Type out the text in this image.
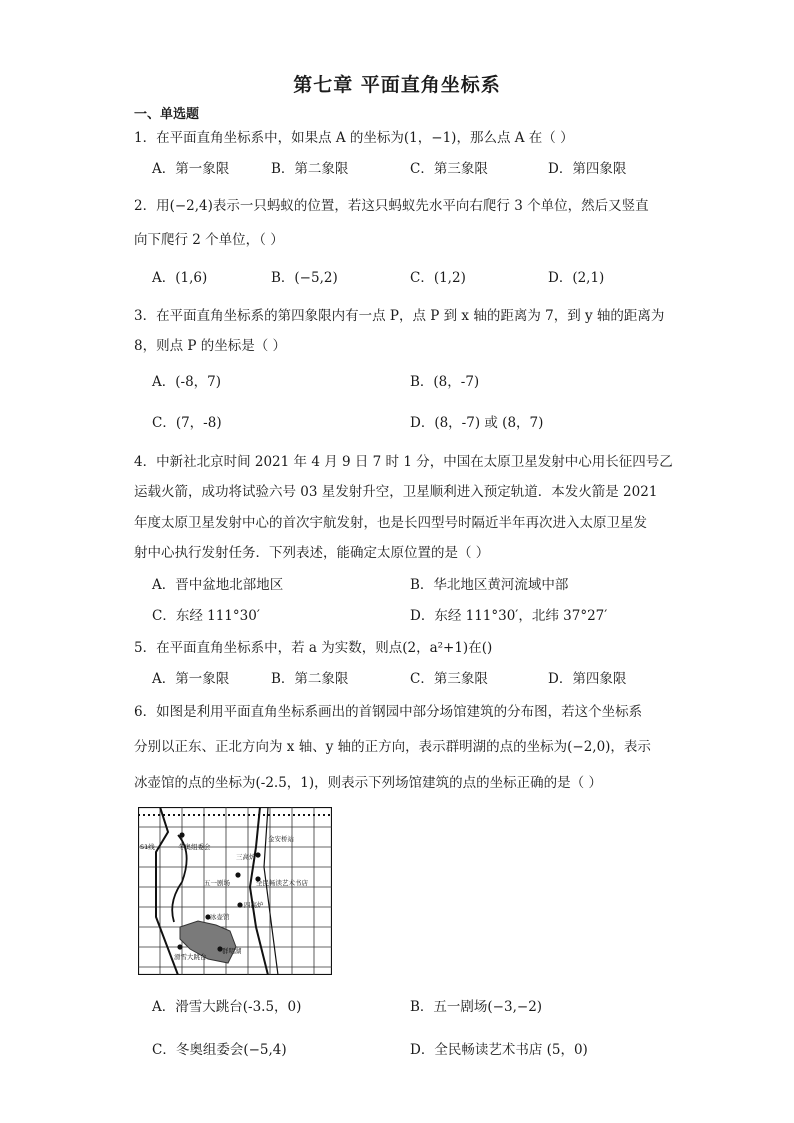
第七章 平面直角坐标系
一、单选题
1．在平面直角坐标系中，如果点 A 的坐标为(1，−1)，那么点 A 在（ ）
A．第一象限	B．第二象限	C．第三象限	D．第四象限
2．用(−2,4)表示一只蚂蚁的位置，若这只蚂蚁先水平向右爬行 3 个单位，然后又竖直
向下爬行 2 个单位，（ ）
A．(1,6)	B．(−5,2)	C．(1,2)	D．(2,1)
3．在平面直角坐标系的第四象限内有一点 P，点 P 到 x 轴的距离为 7，到 y 轴的距离为
8，则点 P 的坐标是（ ）
A．(-8，7)	B．(8，-7)
C．(7，-8)	D．(8，-7) 或 (8，7)
4．中新社北京时间 2021 年 4 月 9 日 7 时 1 分，中国在太原卫星发射中心用长征四号乙
运载火箭，成功将试验六号 03 星发射升空，卫星顺利进入预定轨道．本发火箭是 2021
年度太原卫星发射中心的首次宇航发射，也是长四型号时隔近半年再次进入太原卫星发
射中心执行发射任务．下列表述，能确定太原位置的是（ ）
A．晋中盆地北部地区	B．华北地区黄河流域中部
C．东经 111°30′	D．东经 111°30′，北纬 37°27′
5．在平面直角坐标系中，若 a 为实数，则点(2，a²+1)在()
A．第一象限	B．第二象限	C．第三象限	D．第四象限
6．如图是利用平面直角坐标系画出的首钢园中部分场馆建筑的分布图，若这个坐标系
分别以正东、正北方向为 x 轴、y 轴的正方向，表示群明湖的点的坐标为(−2,0)，表示
冰壶馆的点的坐标为(-2.5，1)，则表示下列场馆建筑的点的坐标正确的是（ ）
S1线	冬奥组委会
金安桥站
三高炉
五一剧场	全民畅读艺术书店
四高炉
冰壶馆
滑雪大跳台
群明湖
A．滑雪大跳台(-3.5，0)	B．五一剧场(−3,−2)
C．冬奥组委会(−5,4)	D．全民畅读艺术书店 (5，0)
